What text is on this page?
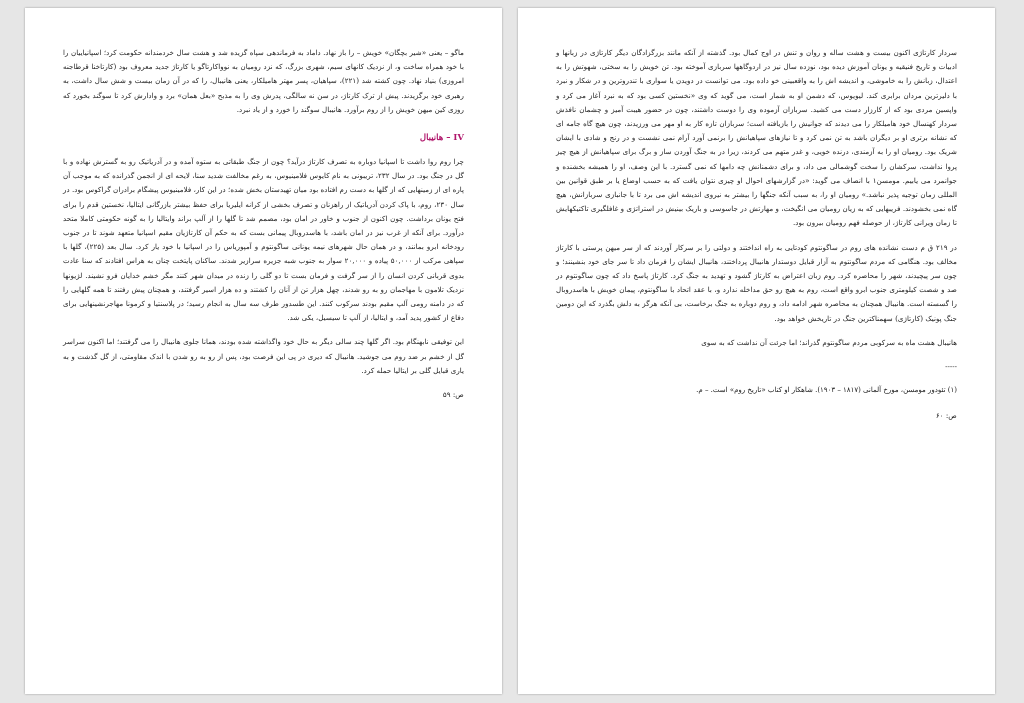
ماگو – یعنی «شیر بچگان» خویش – را باز نهاد. داماد به فرماندهی سپاه گزیده شد و هشت سال خردمندانه حکومت کرد؛ اسپانیاییان را با خود همراه ساخت و، از نزدیک کانهای سیم، شهری بزرگ، که نزد رومیان به نوواکارتاگو یا کارتاژ جدید معروف بود (کارتاخنا قرطاجنه امروزی) بنیاد نهاد. چون کشته شد (۲۲۱)، سپاهیان، پسر مهتر هامیلکار، یعنی هانیبال، را که در آن زمان بیست و شش سال داشت، به رهبری خود برگزیدند. پیش از ترک کارتاژ، در سن نه سالگی، پدرش وی را به مذبح «بعل همان» برد و وادارش کرد تا سوگند بخورد که روزی کین میهن خویش را از روم برآورد. هانیبال سوگند را خورد و از یاد نبرد.

IV – هانیبال

چرا روم روا داشت تا اسپانیا دوباره به تصرف کارتاژ درآید؟ چون از جنگ طبقاتی به ستوه آمده و در آدریاتیک رو به گسترش نهاده و با گل در جنگ بود. در سال ۲۳۲، تریبونی به نام کایوس فلامینیوس، به رغم مخالفت شدید سنا، لایحه ای از انجمن گذرانده که به موجب آن پاره ای از زمینهایی که از گلها به دست رم افتاده بود میان تهیدستان بخش شده؛ در این کار، فلامینیوس پیشگام برادران گراکوس بود. در سال ۲۳۰، روم، با پاک کردن آدریاتیک از راهزنان و تصرف بخشی از کرانه ایلیریا برای حفظ بیشتر بازرگانی ایتالیا، نخستین قدم را برای فتح یونان برداشت. چون اکنون از جنوب و خاور در امان بود، مصمم شد تا گلها را از آلپ براند وایتالیا را به گونه حکومتی کاملا متحد درآورد. برای آنکه از غرب نیز در امان باشد، با هاسدروبال پیمانی بست که به حکم آن کارتاژیان مقیم اسپانیا متعهد شوند تا در جنوب رودخانه ابرو بمانند، و در همان حال شهرهای نیمه یونانی ساگونتوم و آمپوریاس را در اسپانیا با خود یار کرد. سال بعد (۲۲۵)، گلها با سپاهی مرکب از ۵۰,۰۰۰ پیاده و ۲۰,۰۰۰ سوار به جنوب شبه جزیره سرازیر شدند. ساکنان پایتخت چنان به هراس افتادند که سنا عادت بدوی قربانی کردن انسان را از سر گرفت و فرمان بست تا دو گلی را زنده در میدان شهر کنند مگر خشم خدایان فرو نشیند. لژیونها نزدیک تلامون با مهاجمان رو به رو شدند، چهل هزار تن از آنان را کشتند و ده هزار اسیر گرفتند، و همچنان پیش رفتند تا همه گلهایی را که در دامنه رومی آلپ مقیم بودند سرکوب کنند. این طسدور طرف سه سال به انجام رسید؛ در پلاسنتیا و کرمونا مهاجرنشینهایی برای دفاع از کشور پدید آمد، و ایتالیا، از آلپ تا سیسیل، یکی شد.

این توفیقی نابهنگام بود. اگر گلها چند سالی دیگر به حال خود واگذاشته شده بودند، همانا جلوی هانیبال را می گرفتند؛ اما اکنون سراسر گل از خشم بر ضد روم می جوشید. هانیبال که دیری در پی این فرصت بود، پس از رو به رو شدن با اندک مقاومتی، از گل گذشت و به یاری قبایل گلی بر ایتالیا حمله کرد.

ص: ۵۹

سردار کارتاژی اکنون بیست و هشت ساله و روان و تنش در اوج کمال بود. گذشته از آنکه مانند بزرگزادگان دیگر کارتاژی در زبانها و ادبیات و تاریخ فنیقیه و یونان آموزش دیده بود، نوزده سال نیز در اردوگاهها سربازی آموخته بود. تن خویش را به سختی، شهوتش را به اعتدال، زبانش را به خاموشی، و اندیشه اش را به واقعبینی خو داده بود. می توانست در دویدن یا سواری با تندروترین و در شکار و نبرد با دلیرترین مردان برابری کند. لیویوس، که دشمن او به شمار است، می گوید که وی «نخستین کسی بود که به نبرد آغاز می کرد و واپسین مردی بود که از کارزار دست می کشید. سربازان آزموده وی را دوست داشتند، چون در حضور هیبت آمیز و چشمان نافذش سردار کهنسال خود هامیلکار را می دیدند که جوانیش را بازیافته است؛ سربازان تازه کار به او مهر می ورزیدند، چون هیچ گاه جامه ای که نشانه برتری او بر دیگران باشد به تن نمی کرد و تا نیازهای سپاهیانش را برنمی آورد آرام نمی نشست و در رنج و شادی با ایشان شریک بود. رومیان او را به آزمندی، درنده خویی، و غدر متهم می کردند، زیرا در به جنگ آوردن ساز و برگ برای سپاهیانش از هیچ چیز پروا نداشت، سرکشان را سخت گوشمالی می داد، و برای دشمنانش چه دامها که نمی گسترد. با این وصف، او را همیشه بخشنده و جوانمرد می یابیم. مومسن۱ با انصاف می گوید: «در گزارشهای احوال او چیزی نتوان یافت که به حسب اوضاع یا بر طبق قوانین بین المللی زمان توجیه پذیر نباشد.» رومیان او را، به سبب آنکه جنگها را بیشتر به نیروی اندیشه اش می برد تا با جانبازی سربازانش، هیچ گاه نمی بخشودند. فریبهایی که به زیان رومیان می انگیخت، و مهارتش در جاسوسی و باریک بینیش در استراتژی و غافلگیری تاکتیکهایش تا زمان ویرانی کارتاژ، از حوصله فهم رومیان بیرون بود.

در ۲۱۹ ق م دست نشانده های روم در ساگونتوم کودتایی به راه انداختند و دولتی را بر سرکار آوردند که از سر میهن پرستی با کارتاژ مخالف بود. هنگامی که مردم ساگونتوم به آزار قبایل دوستدار هانیبال پرداختند، هانیبال ایشان را فرمان داد تا سر جای خود بنشینند؛ و چون سر پیچیدند، شهر را محاصره کرد. روم زبان اعتراض به کارتاژ گشود و تهدید به جنگ کرد. کارتاژ پاسخ داد که چون ساگونتوم در صد و شصت کیلومتری جنوب ابرو واقع است، روم به هیچ رو حق مداخله ندارد و، با عقد اتحاد با ساگونتوم، پیمان خویش با هاسدروبال را گسسته است. هانیبال همچنان به محاصره شهر ادامه داد، و روم دوباره به جنگ برخاست، بی آنکه هرگز به دلش بگذرد که این دومین جنگ پونیک (کارتاژی) سهمناکترین جنگ در تاریخش خواهد بود.

هانیبال هشت ماه به سرکوبی مردم ساگونتوم گذراند؛ اما جرئت آن نداشت که به سوی

-----
(۱) تئودور مومسن، مورخ آلمانی (۱۸۱۷ – ۱۹۰۳). شاهکار او کتاب «تاریخ روم» است. – م.
ص: ۶۰
